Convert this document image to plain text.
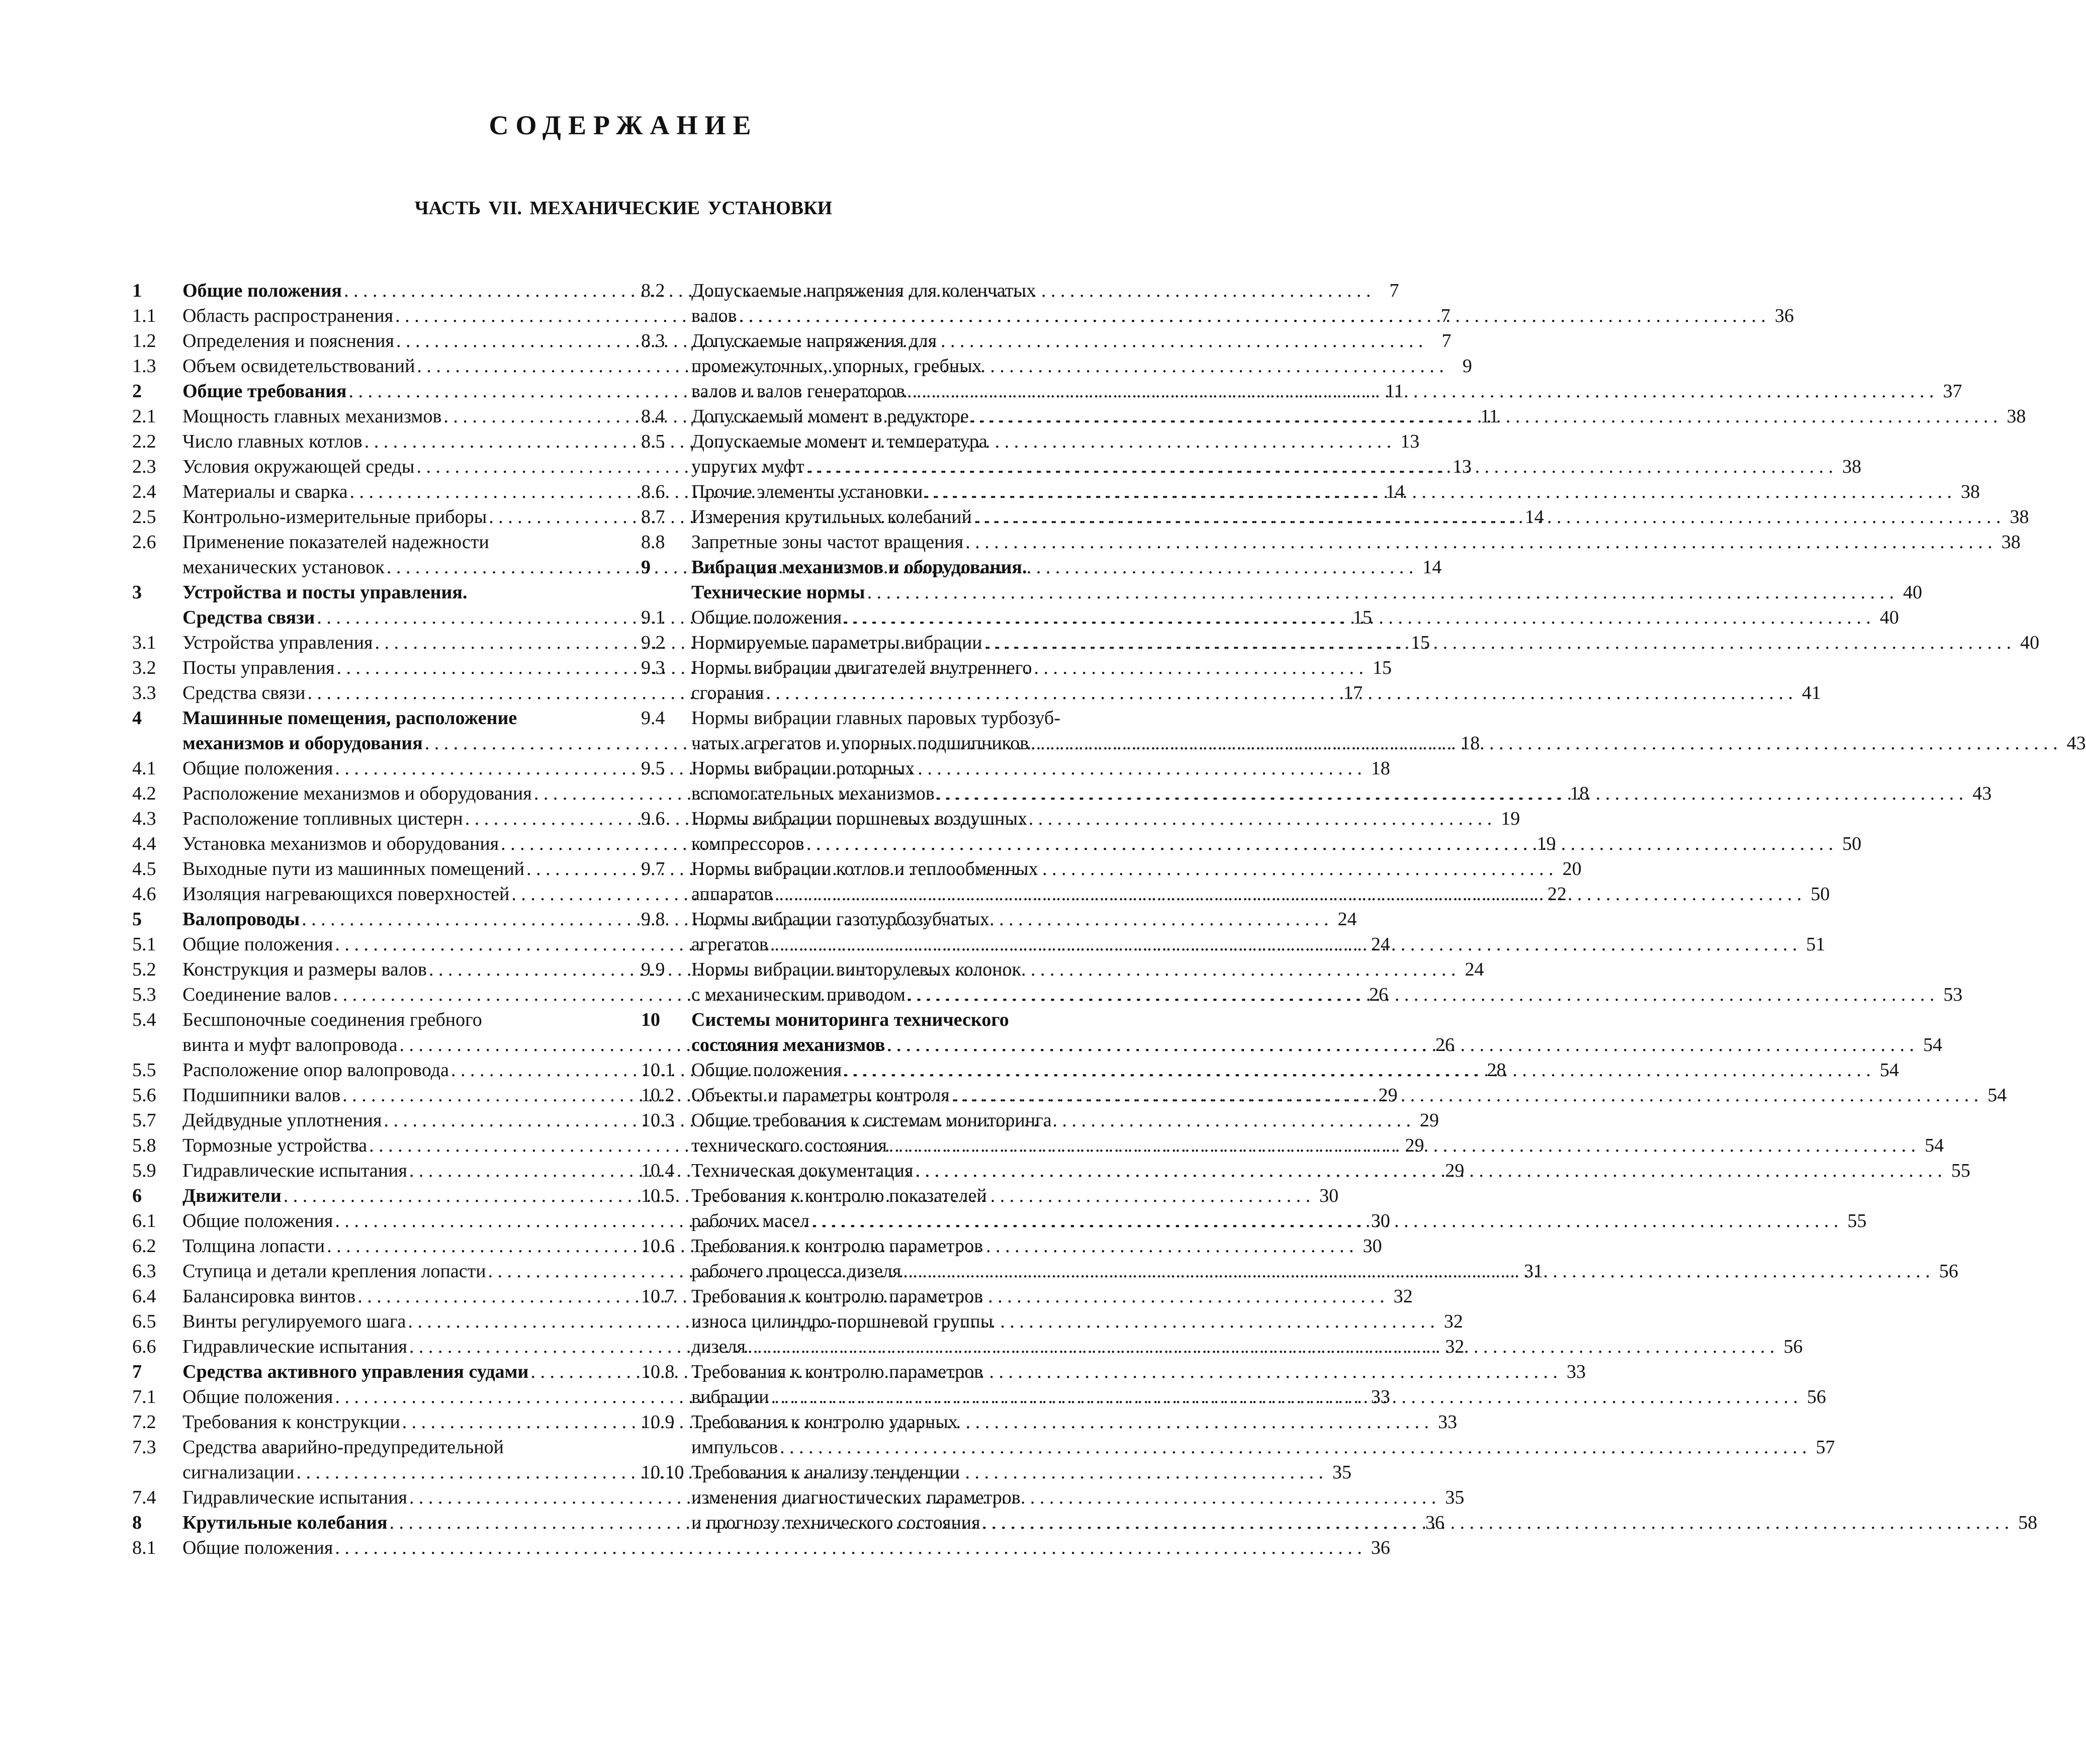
СОДЕРЖАНИЕ
ЧАСТЬ VII. МЕХАНИЧЕСКИЕ УСТАНОВКИ
1	Общие положения . . .	7
1.1	Область распространения . . .	7
1.2	Определения и пояснения . . .	7
1.3	Объем освидетельствований . . .	9
2	Общие требования . . .	11
2.1	Мощность главных механизмов . . .	11
2.2	Число главных котлов . . .	13
2.3	Условия окружающей среды . . .	13
2.4	Материалы и сварка . . .	14
2.5	Контрольно-измерительные приборы . . .	14
2.6	Применение показателей надежности
механических установок . . .	14
3	Устройства и посты управления.
Средства связи . . .	15
3.1	Устройства управления . . .	15
3.2	Посты управления . . .	15
3.3	Средства связи . . .	17
4	Машинные помещения, расположение
механизмов и оборудования . . .	18
4.1	Общие положения . . .	18
4.2	Расположение механизмов и оборудования . . .	18
4.3	Расположение топливных цистерн . . .	19
4.4	Установка механизмов и оборудования . . .	19
4.5	Выходные пути из машинных помещений . . .	20
4.6	Изоляция нагревающихся поверхностей . . .	22
5	Валопроводы . . .	24
5.1	Общие положения . . .	24
5.2	Конструкция и размеры валов . . .	24
5.3	Соединение валов . . .	26
5.4	Бесшпоночные соединения гребного
винта и муфт валопровода . . .	26
5.5	Расположение опор валопровода . . .	28
5.6	Подшипники валов . . .	29
5.7	Дейдвудные уплотнения . . .	29
5.8	Тормозные устройства . . .	29
5.9	Гидравлические испытания . . .	29
6	Движители . . .	30
6.1	Общие положения . . .	30
6.2	Толщина лопасти . . .	30
6.3	Ступица и детали крепления лопасти . . .	31
6.4	Балансировка винтов . . .	32
6.5	Винты регулируемого шага . . .	32
6.6	Гидравлические испытания . . .	32
7	Средства активного управления судами . . .	33
7.1	Общие положения . . .	33
7.2	Требования к конструкции . . .	33
7.3	Средства аварийно-предупредительной
сигнализации . . .	35
7.4	Гидравлические испытания . . .	35
8	Крутильные колебания . . .	36
8.1	Общие положения . . .	36
8.2	Допускаемые напряжения для коленчатых
валов . . .	36
8.3	Допускаемые напряжения для
промежуточных, упорных, гребных
валов и валов генераторов . . .	37
8.4	Допускаемый момент в редукторе . . .	38
8.5	Допускаемые момент и температура
упругих муфт . . .	38
8.6	Прочие элементы установки . . .	38
8.7	Измерения крутильных колебаний . . .	38
8.8	Запретные зоны частот вращения . . .	38
9	Вибрация механизмов и оборудования.
Технические нормы . . .	40
9.1	Общие положения . . .	40
9.2	Нормируемые параметры вибрации . . .	40
9.3	Нормы вибрации двигателей внутреннего
сгорания . . .	41
9.4	Нормы вибрации главных паровых турбозуб-
чатых агрегатов и упорных подшипников . . .	43
9.5	Нормы вибрации роторных
вспомогательных механизмов . . .	43
9.6	Нормы вибрации поршневых воздушных
компрессоров . . .	50
9.7	Нормы вибрации котлов и теплообменных
аппаратов . . .	50
9.8	Нормы вибрации газотурбозубчатых
агрегатов . . .	51
9.9	Нормы вибрации винторулевых колонок
с механическим приводом . . .	53
10	Системы мониторинга технического
состояния механизмов . . .	54
10.1 Общие положения . . .	54
10.2 Объекты и параметры контроля . . .	54
10.3 Общие требования к системам мониторинга
технического состояния . . .	54
10.4 Техническая документация . . .	55
10.5 Требования к контролю показателей
рабочих масел . . .	55
10.6 Требования к контролю параметров
рабочего процесса дизеля . . .	56
10.7 Требования к контролю параметров
износа цилиндро-поршневой группы
дизеля . . .	56
10.8 Требования к контролю параметров
вибрации . . .	56
10.9 Требования к контролю ударных
импульсов . . .	57
10.10 Требования к анализу тенденции
изменения диагностических параметров
и прогнозу технического состояния . . .	58
